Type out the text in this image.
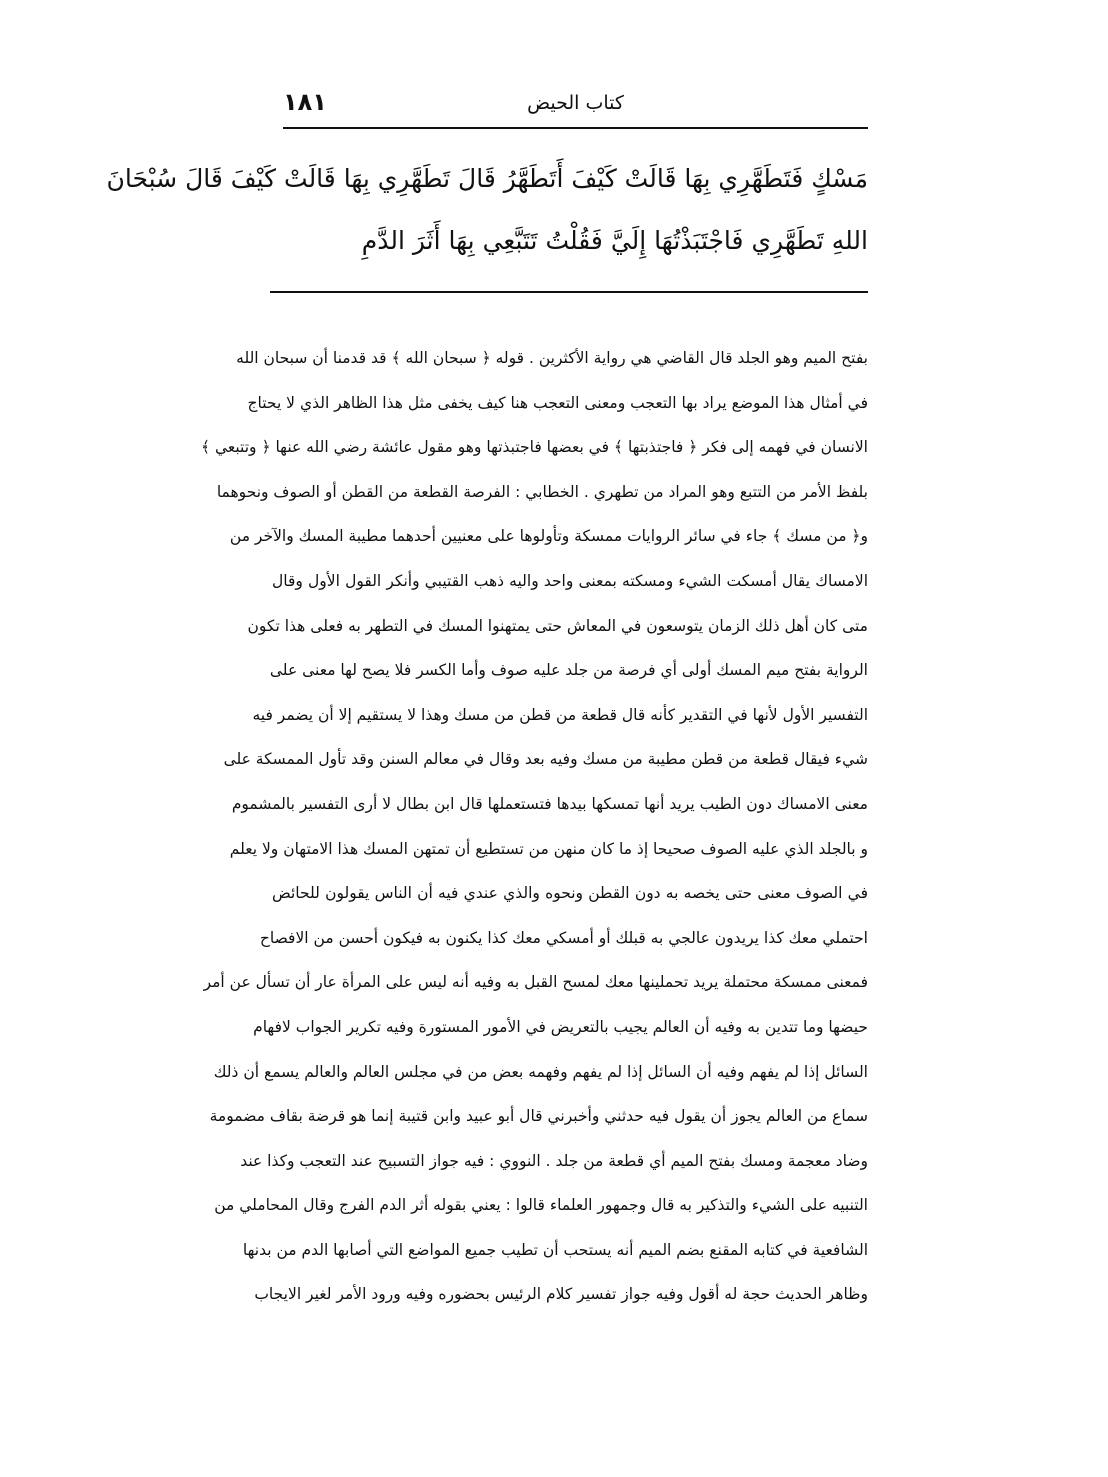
١٨١	كتاب الحيض
مَسْكٍ فَتَطَهَّرِي بِهَا قَالَتْ كَيْفَ أَتَطَهَّرُ قَالَ تَطَهَّرِي بِهَا قَالَتْ كَيْفَ قَالَ سُبْحَانَ
اللهِ تَطَهَّرِي فَاجْتَبَذْتُهَا إِلَيَّ فَقُلْتُ تَتَبَّعِي بِهَا أَثَرَ الدَّمِ
بفتح الميم وهو الجلد قال القاضي هي رواية الأكثرين . قوله ﴿ سبحان الله ﴾ قد قدمنا أن سبحان الله
في أمثال هذا الموضع يراد بها التعجب ومعنى التعجب هنا كيف يخفى مثل هذا الظاهر الذي لا يحتاج
الانسان في فهمه إلى فكر ﴿ فاجتذبتها ﴾ في بعضها فاجتبذتها وهو مقول عائشة رضي الله عنها ﴿ وتتبعي ﴾
بلفظ الأمر من التتبع وهو المراد من تطهري . الخطابي : الفرصة القطعة من القطن أو الصوف ونحوهما
و﴿ من مسك ﴾ جاء في سائر الروايات ممسكة وتأولوها على معنيين أحدهما مطيبة المسك والآخر من
الامساك يقال أمسكت الشيء ومسكته بمعنى واحد واليه ذهب القتيبي وأنكر القول الأول وقال
متى كان أهل ذلك الزمان يتوسعون في المعاش حتى يمتهنوا المسك في التطهر به فعلى هذا تكون
الرواية بفتح ميم المسك أولى أي فرصة من جلد عليه صوف وأما الكسر فلا يصح لها معنى على
التفسير الأول لأنها في التقدير كأنه قال قطعة من قطن من مسك وهذا لا يستقيم إلا أن يضمر فيه
شيء فيقال قطعة من قطن مطيبة من مسك وفيه بعد وقال في معالم السنن وقد تأول الممسكة على
معنى الامساك دون الطيب يريد أنها تمسكها بيدها فتستعملها قال ابن بطال لا أرى التفسير بالمشموم
و بالجلد الذي عليه الصوف صحيحا إذ ما كان منهن من تستطيع أن تمتهن المسك هذا الامتهان ولا يعلم
في الصوف معنى حتى يخصه به دون القطن ونحوه والذي عندي فيه أن الناس يقولون للحائض
احتملي معك كذا يريدون عالجي به قبلك أو أمسكي معك كذا يكنون به فيكون أحسن من الافصاح
فمعنى ممسكة محتملة يريد تحملينها معك لمسح القبل به وفيه أنه ليس على المرأة عار أن تسأل عن أمر
حيضها وما تتدين به وفيه أن العالم يجيب بالتعريض في الأمور المستورة وفيه تكرير الجواب لافهام
السائل إذا لم يفهم وفيه أن السائل إذا لم يفهم وفهمه بعض من في مجلس العالم والعالم يسمع أن ذلك
سماع من العالم يجوز أن يقول فيه حدثني وأخبرني قال أبو عبيد وابن قتيبة إنما هو قرضة بقاف مضمومة
وضاد معجمة ومسك بفتح الميم أي قطعة من جلد . النووي : فيه جواز التسبيح عند التعجب وكذا عند
التنبيه على الشيء والتذكير به قال وجمهور العلماء قالوا : يعني بقوله أثر الدم الفرج وقال المحاملي من
الشافعية في كتابه المقنع بضم الميم أنه يستحب أن تطيب جميع المواضع التي أصابها الدم من بدنها
وظاهر الحديث حجة له أقول وفيه جواز تفسير كلام الرئيس بحضوره وفيه ورود الأمر لغير الايجاب
